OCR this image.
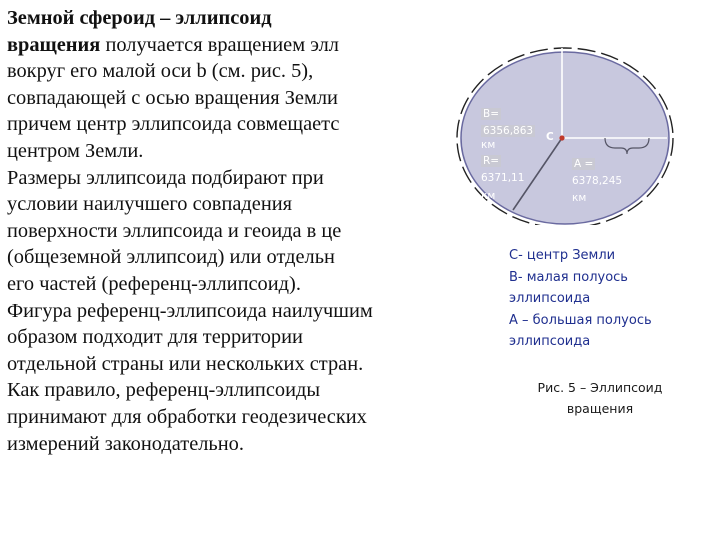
Земной сфероид – эллипсоид
вращения получается вращением элл
вокруг его малой оси b (см. рис. 5),
совпадающей с осью вращения Земли
причем центр эллипсоида совмещаетс
центром Земли.
Размеры эллипсоида подбирают при
условии наилучшего совпадения
поверхности эллипсоида и геоида в це
(общеземной эллипсоид) или отдельн
его частей (референц-эллипсоид).
Фигура референц-эллипсоида наилучшим
образом подходит для территории
отдельной страны или нескольких стран.
Как правило, референц-эллипсоиды
принимают для обработки геодезических
измерений законодательно.
B=
6356,863
км
R=
6371,11
км
C
A =
6378,245
км
С- центр Земли
В- малая полуось
эллипсоида
А – большая полуось
эллипсоида
Рис. 5 – Эллипсоид
вращения
